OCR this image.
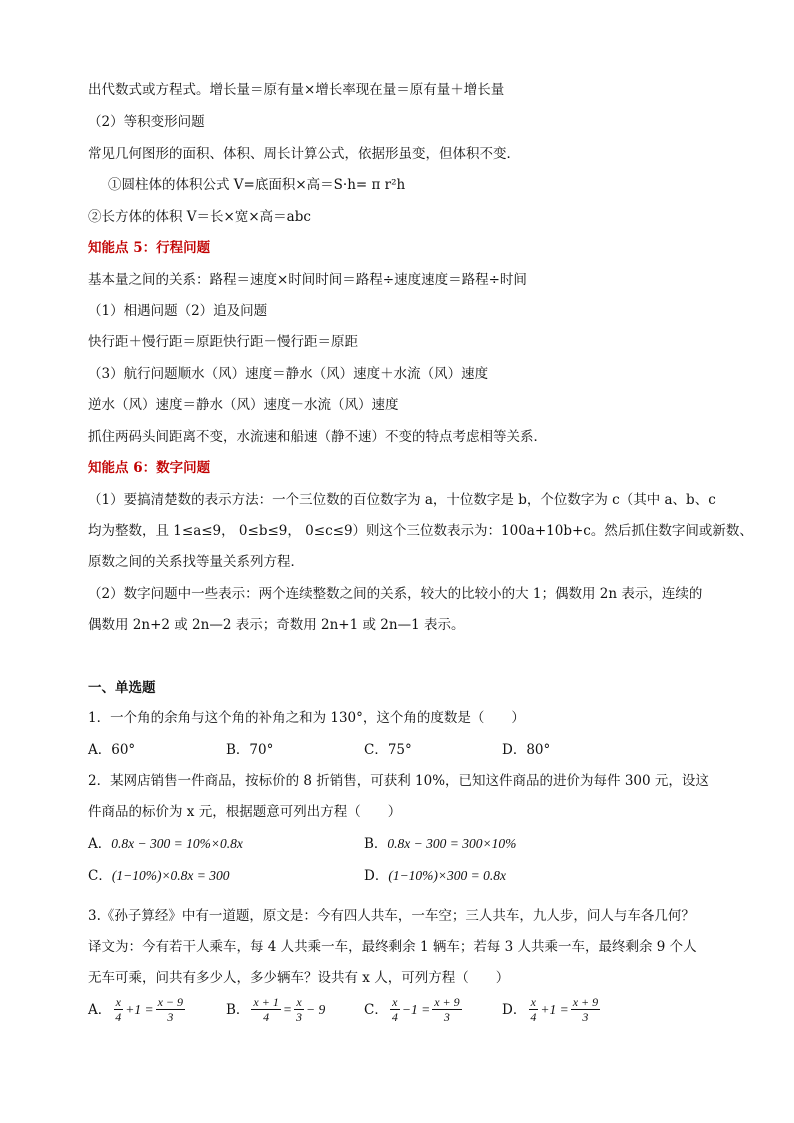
出代数式或方程式。增长量＝原有量×增长率现在量＝原有量＋增长量
（2）等积变形问题
常见几何图形的面积、体积、周长计算公式，依据形虽变，但体积不变．
①圆柱体的体积公式 V=底面积×高＝S·h= π r²h
②长方体的体积 V＝长×宽×高＝abc
知能点 5：行程问题
基本量之间的关系：路程＝速度×时间时间＝路程÷速度速度＝路程÷时间
（1）相遇问题（2）追及问题
快行距＋慢行距＝原距快行距－慢行距＝原距
（3）航行问题顺水（风）速度＝静水（风）速度＋水流（风）速度
逆水（风）速度＝静水（风）速度－水流（风）速度
抓住两码头间距离不变，水流速和船速（静不速）不变的特点考虑相等关系．
知能点 6：数字问题
（1）要搞清楚数的表示方法：一个三位数的百位数字为 a，十位数字是 b，个位数字为 c（其中 a、b、c
均为整数，且 1≤a≤9， 0≤b≤9， 0≤c≤9）则这个三位数表示为：100a+10b+c。然后抓住数字间或新数、
原数之间的关系找等量关系列方程．
（2）数字问题中一些表示：两个连续整数之间的关系，较大的比较小的大 1；偶数用 2n 表示，连续的
偶数用 2n+2 或 2n—2 表示；奇数用 2n+1 或 2n—1 表示。
一、单选题
1．一个角的余角与这个角的补角之和为 130°，这个角的度数是（　　）
A．60°	B．70°	C．75°	D．80°
2．某网店销售一件商品，按标价的 8 折销售，可获利 10%，已知这件商品的进价为每件 300 元，设这
件商品的标价为 x 元，根据题意可列出方程（　　）
A．0.8x − 300 = 10%×0.8x	B．0.8x − 300 = 300×10%
C．(1−10%)×0.8x = 300	D．(1−10%)×300 = 0.8x
3.《孙子算经》中有一道题，原文是：今有四人共车，一车空；三人共车，九人步，问人与车各几何？
译文为：今有若干人乘车，每 4 人共乘一车，最终剩余 1 辆车；若每 3 人共乘一车，最终剩余 9 个人
无车可乘，问共有多少人，多少辆车？设共有 x 人，可列方程（　　）
A． $\frac{x}{4} +1 = \frac{x - 9}{3}$	B． $\frac{x + 1}{4} = \frac{x}{3} - 9$	C． $\frac{x}{4} -1 = \frac{x + 9}{3}$	D． $\frac{x}{4} +1 = \frac{x + 9}{3}$
